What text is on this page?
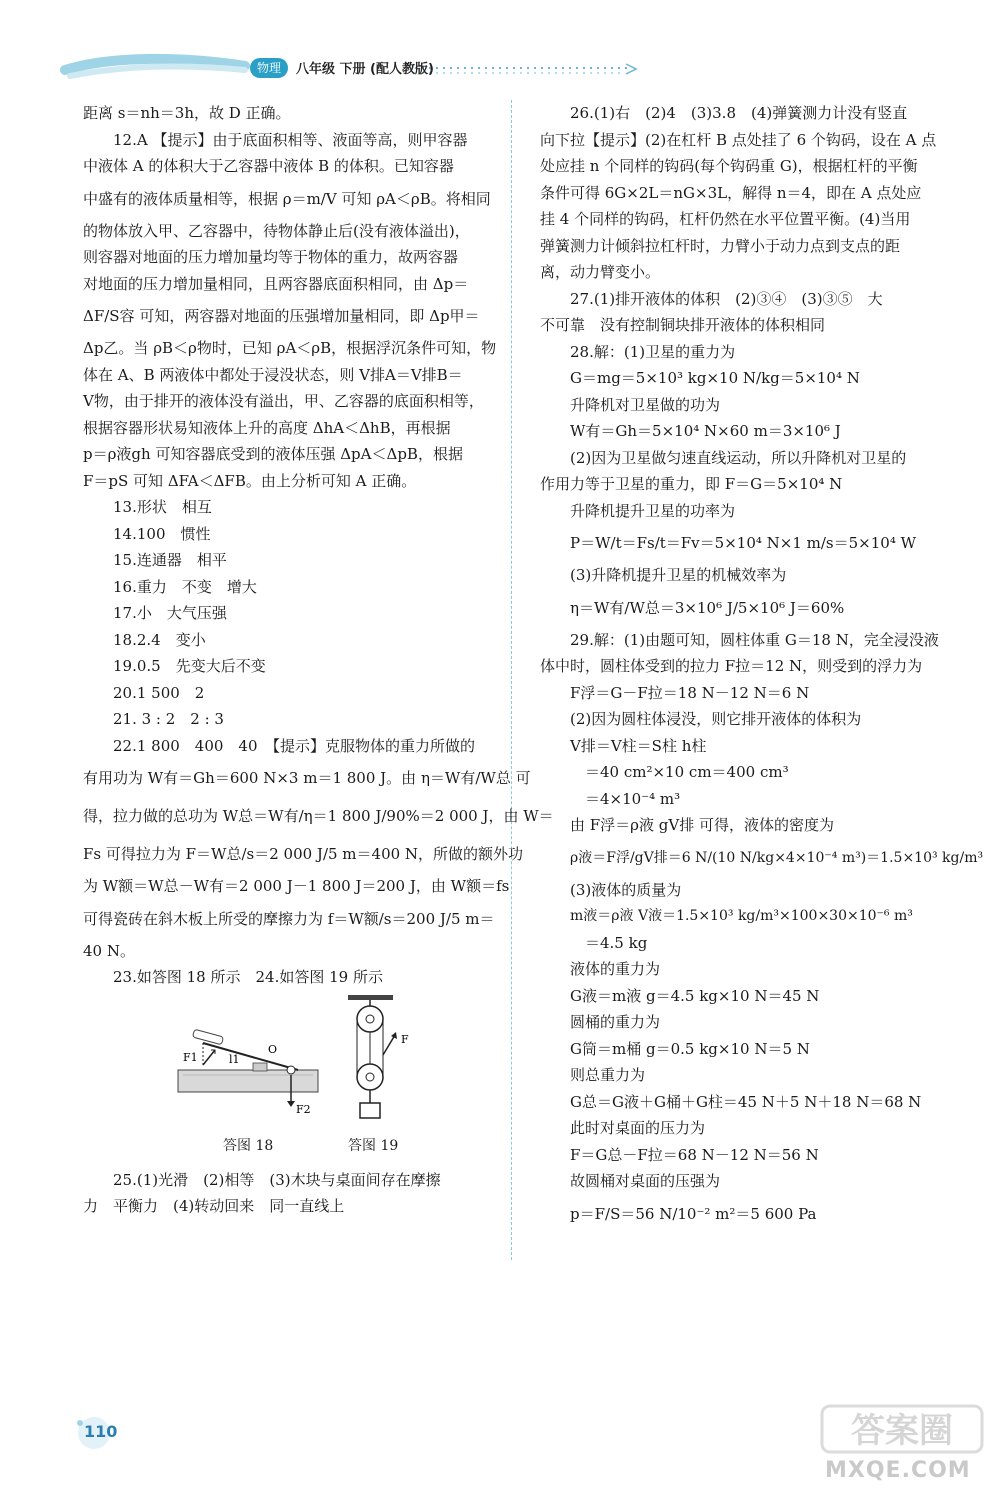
物理	八年级 下册 (配人教版)
距离 s＝nh＝3h，故 D 正确。
12.A 【提示】由于底面积相等、液面等高，则甲容器
中液体 A 的体积大于乙容器中液体 B 的体积。已知容器
中盛有的液体质量相等，根据 ρ＝m/V 可知 ρA＜ρB。将相同
的物体放入甲、乙容器中，待物体静止后(没有液体溢出)，
则容器对地面的压力增加量均等于物体的重力，故两容器
对地面的压力增加量相同，且两容器底面积相同，由 Δp＝
ΔF/S容 可知，两容器对地面的压强增加量相同，即 Δp甲＝
Δp乙。当 ρB＜ρ物时，已知 ρA＜ρB，根据浮沉条件可知，物
体在 A、B 两液体中都处于浸没状态，则 V排A＝V排B＝
V物，由于排开的液体没有溢出，甲、乙容器的底面积相等，
根据容器形状易知液体上升的高度 ΔhA＜ΔhB，再根据
p＝ρ液gh 可知容器底受到的液体压强 ΔpA＜ΔpB，根据
F＝pS 可知 ΔFA＜ΔFB。由上分析可知 A 正确。
13.形状　相互
14.100　惯性
15.连通器　相平
16.重力　不变　增大
17.小　大气压强
18.2.4　变小
19.0.5　先变大后不变
20.1 500　2
21. 3 : 2　2 : 3
22.1 800　400　40　【提示】克服物体的重力所做的
有用功为 W有＝Gh＝600 N×3 m＝1 800 J。由 η＝W有/W总 可
得，拉力做的总功为 W总＝W有/η＝1 800 J/90%＝2 000 J，由 W＝
Fs 可得拉力为 F＝W总/s＝2 000 J/5 m＝400 N，所做的额外功
为 W额＝W总－W有＝2 000 J－1 800 J＝200 J，由 W额＝fs
可得瓷砖在斜木板上所受的摩擦力为 f＝W额/s＝200 J/5 m＝
40 N。
23.如答图 18 所示　24.如答图 19 所示
F1	l1
O
F2
F
答图 18	答图 19
25.(1)光滑　(2)相等　(3)木块与桌面间存在摩擦
力　平衡力　(4)转动回来　同一直线上
26.(1)右　(2)4　(3)3.8　(4)弹簧测力计没有竖直
向下拉【提示】(2)在杠杆 B 点处挂了 6 个钩码，设在 A 点
处应挂 n 个同样的钩码(每个钩码重 G)，根据杠杆的平衡
条件可得 6G×2L＝nG×3L，解得 n＝4，即在 A 点处应
挂 4 个同样的钩码，杠杆仍然在水平位置平衡。(4)当用
弹簧测力计倾斜拉杠杆时，力臂小于动力点到支点的距
离，动力臂变小。
27.(1)排开液体的体积　(2)③④　(3)③⑤　大
不可靠　没有控制铜块排开液体的体积相同
28.解：(1)卫星的重力为
G＝mg＝5×10³ kg×10 N/kg＝5×10⁴ N
升降机对卫星做的功为
W有＝Gh＝5×10⁴ N×60 m＝3×10⁶ J
(2)因为卫星做匀速直线运动，所以升降机对卫星的
作用力等于卫星的重力，即 F＝G＝5×10⁴ N
升降机提升卫星的功率为
P＝W/t＝Fs/t＝Fv＝5×10⁴ N×1 m/s＝5×10⁴ W
(3)升降机提升卫星的机械效率为
η＝W有/W总＝3×10⁶ J/5×10⁶ J＝60%
29.解：(1)由题可知，圆柱体重 G＝18 N，完全浸没液
体中时，圆柱体受到的拉力 F拉＝12 N，则受到的浮力为
F浮＝G－F拉＝18 N－12 N＝6 N
(2)因为圆柱体浸没，则它排开液体的体积为
V排＝V柱＝S柱 h柱
　＝40 cm²×10 cm＝400 cm³
　＝4×10⁻⁴ m³
由 F浮＝ρ液 gV排 可得，液体的密度为
ρ液＝F浮/gV排＝6 N/(10 N/kg×4×10⁻⁴ m³)＝1.5×10³ kg/m³
(3)液体的质量为
m液＝ρ液 V液＝1.5×10³ kg/m³×100×30×10⁻⁶ m³
　＝4.5 kg
液体的重力为
G液＝m液 g＝4.5 kg×10 N＝45 N
圆桶的重力为
G筒＝m桶 g＝0.5 kg×10 N＝5 N
则总重力为
G总＝G液＋G桶＋G柱＝45 N＋5 N＋18 N＝68 N
此时对桌面的压力为
F＝G总－F拉＝68 N－12 N＝56 N
故圆桶对桌面的压强为
p＝F/S＝56 N/10⁻² m²＝5 600 Pa
110	答案圈
MXQE.COM
